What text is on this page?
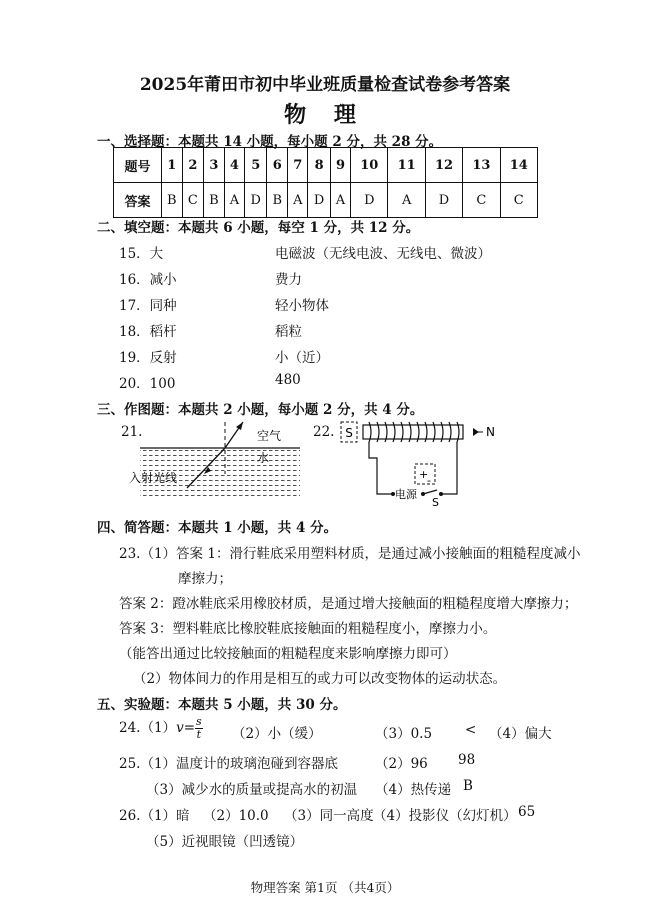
2025年莆田市初中毕业班质量检查试卷参考答案
物 理
一、选择题：本题共 14 小题，每小题 2 分，共 28 分。
题号	1	2	3	4	5	6	7	8	9	10	11	12	13	14
答案	B	C	B	A	D	B	A	D	A	D	A	D	C	C
二、填空题：本题共 6 小题，每空 1 分，共 12 分。
15．大	电磁波（无线电波、无线电、微波）
16．减小	费力
17．同种	轻小物体
18．稻杆	稻粒
19．反射	小（近）
20．100	480
三、作图题：本题共 2 小题，每小题 2 分，共 4 分。
21.	22.
空气
水
入射光线
S	N
+
-
电源
S
四、简答题：本题共 1 小题，共 4 分。
23.（1）答案 1：滑行鞋底采用塑料材质，是通过减小接触面的粗糙程度减小
摩擦力；
答案 2：蹬冰鞋底采用橡胶材质，是通过增大接触面的粗糙程度增大摩擦力；
答案 3：塑料鞋底比橡胶鞋底接触面的粗糙程度小，摩擦力小。
（能答出通过比较接触面的粗糙程度来影响摩擦力即可）
（2）物体间力的作用是相互的或力可以改变物体的运动状态。
五、实验题：本题共 5 小题，共 30 分。
$24.(1)v= \frac{s}{t} (2)$小（缓）	（3）0.5 < （4）偏大
25.（1）温度计的玻璃泡碰到容器底	（2）96 98
（3）减少水的质量或提高水的初温 （4）热传递 B
26.（1）暗 （2）10.0 （3）同一高度 （4）投影仪（幻灯机） 65
（5）近视眼镜（凹透镜）
物理答案 第1页 （共4页）
